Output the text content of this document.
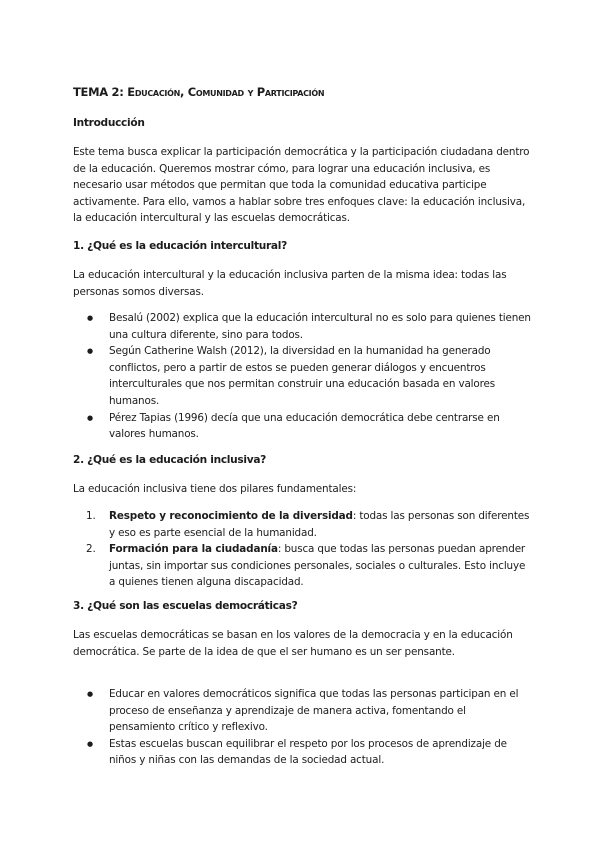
TEMA 2: Educación, Comunidad y Participación
Introducción
Este tema busca explicar la participación democrática y la participación ciudadana dentro de la educación. Queremos mostrar cómo, para lograr una educación inclusiva, es necesario usar métodos que permitan que toda la comunidad educativa participe activamente. Para ello, vamos a hablar sobre tres enfoques clave: la educación inclusiva, la educación intercultural y las escuelas democráticas.
1. ¿Qué es la educación intercultural?
La educación intercultural y la educación inclusiva parten de la misma idea: todas las personas somos diversas.
● Besalú (2002) explica que la educación intercultural no es solo para quienes tienen una cultura diferente, sino para todos.
● Según Catherine Walsh (2012), la diversidad en la humanidad ha generado conflictos, pero a partir de estos se pueden generar diálogos y encuentros interculturales que nos permitan construir una educación basada en valores humanos.
● Pérez Tapias (1996) decía que una educación democrática debe centrarse en valores humanos.
2. ¿Qué es la educación inclusiva?
La educación inclusiva tiene dos pilares fundamentales:
1. Respeto y reconocimiento de la diversidad: todas las personas son diferentes y eso es parte esencial de la humanidad.
2. Formación para la ciudadanía: busca que todas las personas puedan aprender juntas, sin importar sus condiciones personales, sociales o culturales. Esto incluye a quienes tienen alguna discapacidad.
3. ¿Qué son las escuelas democráticas?
Las escuelas democráticas se basan en los valores de la democracia y en la educación democrática. Se parte de la idea de que el ser humano es un ser pensante.
● Educar en valores democráticos significa que todas las personas participan en el proceso de enseñanza y aprendizaje de manera activa, fomentando el pensamiento crítico y reflexivo.
● Estas escuelas buscan equilibrar el respeto por los procesos de aprendizaje de niños y niñas con las demandas de la sociedad actual.
